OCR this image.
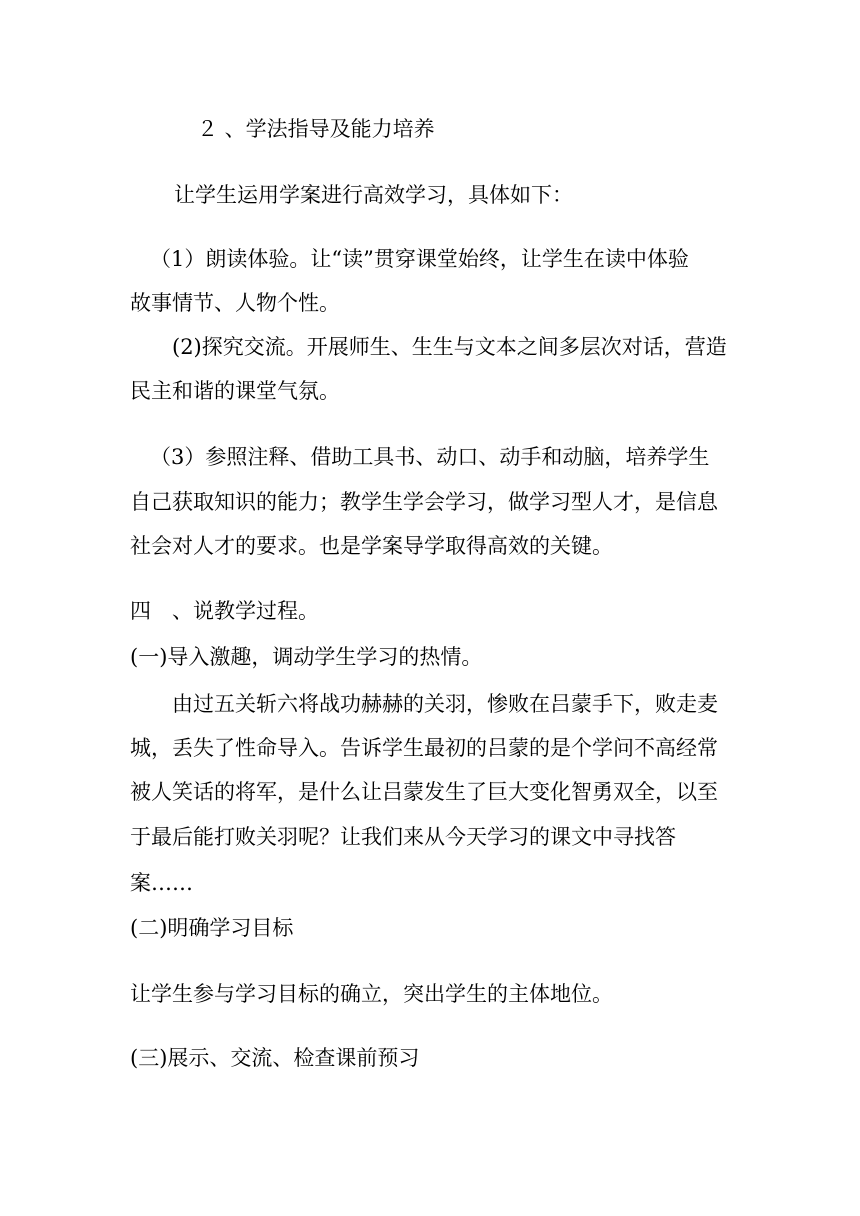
２ 、学法指导及能力培养

让学生运用学案进行高效学习，具体如下：

（1）朗读体验。让“读”贯穿课堂始终，让学生在读中体验

故事情节、人物个性。

(2)探究交流。开展师生、生生与文本之间多层次对话，营造

民主和谐的课堂气氛。

（3）参照注释、借助工具书、动口、动手和动脑，培养学生

自己获取知识的能力；教学生学会学习，做学习型人才，是信息

社会对人才的要求。也是学案导学取得高效的关键。

四　、说教学过程。

(一)导入激趣，调动学生学习的热情。

由过五关斩六将战功赫赫的关羽，惨败在吕蒙手下，败走麦

城，丢失了性命导入。告诉学生最初的吕蒙的是个学问不高经常

被人笑话的将军，是什么让吕蒙发生了巨大变化智勇双全，以至

于最后能打败关羽呢？让我们来从今天学习的课文中寻找答

案……

(二)明确学习目标

让学生参与学习目标的确立，突出学生的主体地位。

(三)展示、交流、检查课前预习
